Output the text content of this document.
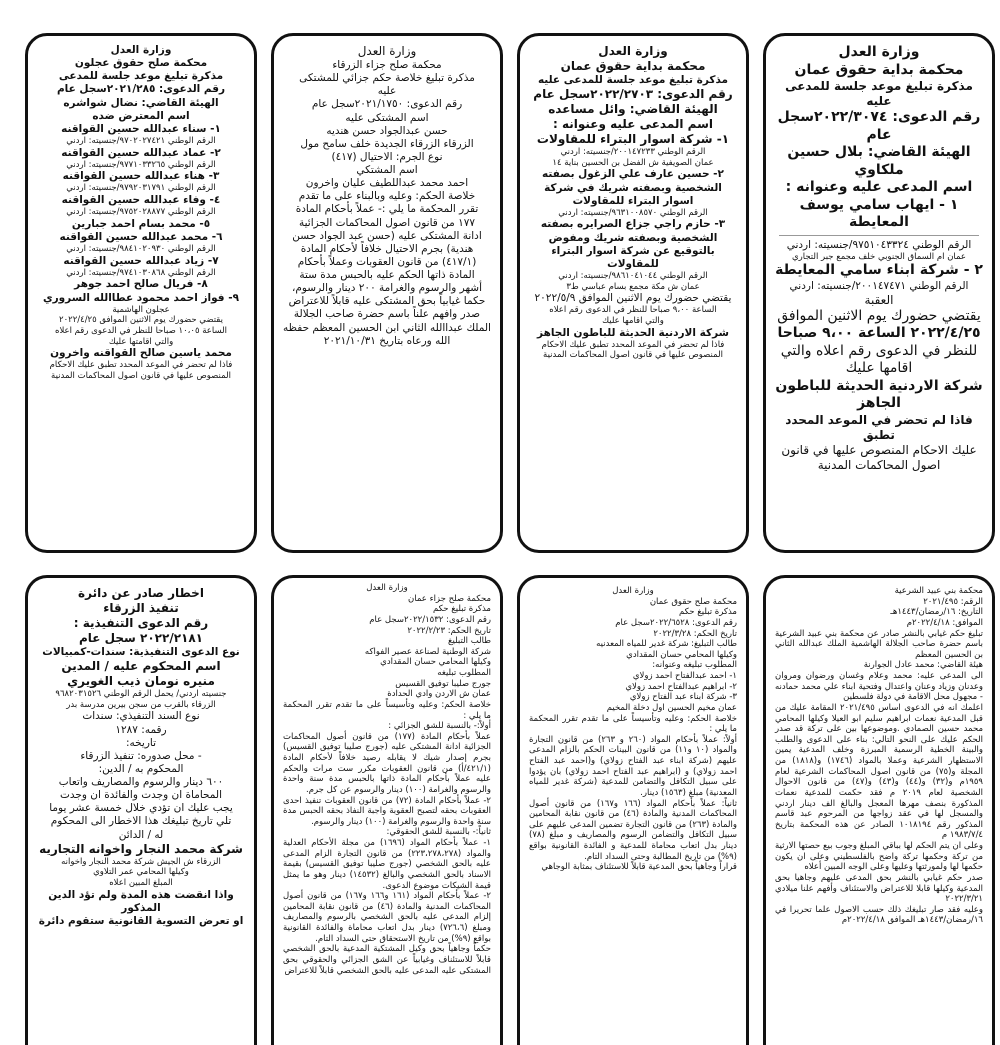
وزارة العدل
محكمة بداية حقوق عمان
مذكرة تبليغ موعد جلسة للمدعى عليه
رقم الدعوى: ٢٠٢٢/٣٠٧٤سجل عام
الهيئة القاضي: بلال حسين ملكاوي
اسم المدعى عليه وعنوانه :
١ - ايهاب سامي يوسف المعايطة
الرقم الوطني ٩٧٥١٠٤٣٣٢٤/جنسيته: اردني
عمان ام السماق الجنوبي خلف مجمع جبر التجاري
٢ - شركة ابناء سامي المعايطة
الرقم الوطني ٢٠٠١٤٧٤٧١/جنسيته: اردني
العقبة
يقتضي حضورك يوم الاثنين الموافق
٢٠٢٢/٤/٢٥ الساعة ٩،٠٠ صباحا
للنظر في الدعوى رقم اعلاه والتي
اقامها عليك
شركة الاردنية الحديثة للباطون الجاهز
فاذا لم تحضر في الموعد المحدد تطبق
عليك الاحكام المنصوص عليها في قانون
اصول المحاكمات المدنية
وزارة العدل
محكمة بداية حقوق عمان
مذكرة تبليغ موعد جلسة للمدعى عليه
رقم الدعوى: ٢٠٢٢/٢٧٠٣سجل عام
الهيئة القاضي: وائل مساعده
اسم المدعى عليه وعنوانه :
١- شركة اسوار البتراء للمقاولات
الرقم الوطني ٢٠٠١٤٧٢٣٣/جنسيته: اردني
عمان الصويفية ش الفضل بن الحسين بناية ١٤
٢- حسين عارف علي الزغول بصفته الشخصية وبصفته شريك في شركة اسوار البتراء للمقاولات
الرقم الوطني ٩٦٣١٠٠٨٥٧٠/جنسيته: اردني
٣- حازم راجي جزاع الصرايره بصفته الشخصية وبصفته شريك ومفوض بالتوقيع عن شركة اسوار البتراء للمقاولات
الرقم الوطني ٩٨٦١٠٤١٠٤٤/جنسيته: اردني
عمان ش مكة مجمع بسام عباسي ط٣
يقتضي حضورك يوم الاثنين الموافق ٢٠٢٢/٥/٩
الساعة ٩،٠٠ صباحا للنظر في الدعوى رقم اعلاه
والتي اقامها عليك
شركة الاردنية الحديثة للباطون الجاهز
فاذا لم تحضر في الموعد المحدد تطبق عليك الاحكام
المنصوص عليها في قانون اصول المحاكمات المدنية
وزارة العدل
محكمة صلح جزاء الزرقاء
مذكرة تبليغ خلاصة حكم جزائي للمشتكى
عليه
رقم الدعوى: ٢٠٢١/١٧٥٠سجل عام
اسم المشتكى عليه
حسن عبدالجواد حسن هنديه
الزرقاء الزرقاء الجديدة خلف سامح مول
نوع الجرم: الاحتيال (٤١٧)
اسم المشتكي
احمد محمد عبداللطيف عليان واخرون
خلاصة الحكم: وعليه وبالبناء على ما تقدم
تقرر المحكمة ما يلي :- عملاً بأحكام المادة
١٧٧ من قانون اصول المحاكمات الجزائية
ادانة المشتكى عليه (حسن عبد الجواد حسن
هندية) بجرم الاحتيال خلافاً لأحكام المادة
(٤١٧/١) من قانون العقوبات وعملاً بأحكام
المادة ذاتها الحكم عليه بالحبس مدة ستة
أشهر والرسوم والغرامة ٢٠٠ دينار والرسوم،
حكما غيابياً بحق المشتكى عليه قابلاً للاعتراض
صدر وافهم علناً باسم حضرة صاحب الجلالة
الملك عبداالله الثاني ابن الحسين المعظم حفظه
الله ورعاه بتاريخ ٢٠٢١/١٠/٣١
وزارة العدل
محكمة صلح حقوق عجلون
مذكرة تبليغ موعد جلسة للمدعى
رقم الدعوى: ٢٠٢١/٢٨٥سجل عام
الهيئة القاضي: نضال شواشره
اسم المعترض ضده
١- سناء عبدالله حسين القواقنه
الرقم الوطني ٩٧٠٢٠٢٧٤٢١/جنسيته: اردني
٢- عماد عبدالله حسين القواقنه
الرقم الوطني ٩٧٧١٠٣٣٢٦٥/جنسيته: اردني
٣- هناء عبدالله حسين القواقنه
الرقم الوطني ٩٧٩٢٠٣١٧٩١/جنسيته: اردني
٤- وفاء عبدالله حسين القواقنه
الرقم الوطني ٩٧٥٢٠٢٨٨٧٧/جنسيته: اردني
٥- محمد بسام احمد جبارين
٦- محمد عبدالله حسين القواقنه
الرقم الوطني ٩٨٤١٠٢٠٩٣٠/جنسيته: اردني
٧- زياد عبدالله حسين القواقنه
الرقم الوطني ٩٧٤١٠٣٠٨٦٨/جنسيته: اردني
٨- فريال صالح احمد جوهر
٩- فواز احمد محمود عطاالله السروري
عجلون الهاشمية
يقتضي حضورك يوم الاثنين الموافق ٢٠٢٢/٤/٢٥
الساعة ١٠،٠٥ صباحا للنظر في الدعوى رقم اعلاه
والتي اقامتها عليك
محمد ياسين صالح القواقنه واخرون
فاذا لم تحضر في الموعد المحدد تطبق عليك الاحكام
المنصوص عليها في قانون اصول المحاكمات المدنية
محكمة بني عبيد الشرعية
الرقم: ٢٠٢١/٤٩٥
التاريخ: ١٦/رمضان/١٤٤٣هـ
الموافق: ٢٠٢٢/٤/١٨م
تبليغ حكم غيابي بالنشر صادر عن محكمة بني عبيد الشرعية باسم حضرة صاحب الجلالة الهاشمية الملك عبدالله الثاني بن الحسين المعظم
هيئة القاضي: محمد عادل الجوارنة
الى المدعى عليه: محمد وعلام وغسان ورضوان ومروان وعدنان وزياد وعنان واعتدال وفتحية ابناء علي محمد حمادنه - مجهول محل الاقامة في دولة فلسطين
اعلمك انه في الدعوى اساس ٢٠٢١/٤٩٥ المقامة عليك من قبل المدعية نعمات ابراهيم سليم ابو العيلا وكيلها المحامي محمد حسين الصمادي .وموضوعها بين على تركة قد صدر الحكم عليك على النحو التالي: بناء على الدعوى والطلب والبينة الخطية الرسمية المبرزة وخلف المدعية يمين الاستظهار الشرعية وعملا بالمواد (١٧٤٦) و(١٨١٨) من المجلة و(٧٥) من قانون اصول المحاكمات الشرعية لعام ١٩٥٩م و(٣٢) و(٤٤) و(٤٣) و(٤٧) من قانون الاحوال الشخصية لعام ٢٠١٩ م فقد حكمت للمدعية نعمات المذكورة بنصف مهرها المعجل والبالغ الف دينار اردني والمسجل لها في عقد زواجها من المرحوم عبد قاسم المذكور رقم ١٠١٨١٩٤ الصادر عن هذه المحكمة بتاريخ ١٩٨٣/٧/٤ م
وعلى ان يتم الحكم لها بباقي المبلغ وجوب بيع حصتها الارثية من تركة وحكمها تركة واضح بالفلسطيني وعلى ان يكون حكمها لها ولمورثتها وعليها وعلى الوجه المبين أعلاه
صدر حكم غيابي بالنشر بحق المدعى عليهم وجاهيا بحق المدعية وكيلها قابلا للاعتراض والاستئناف وأفهم علنا ميلادي ٢٠٢٢/٣/٢١
وعليه فقد صار تبليغك ذلك حسب الاصول علما تحريرا في ١٦/رمضان/١٤٤٣هـ الموافق ٢٠٢٢/٤/١٨م
وزارة العدل
محكمة صلح حقوق عمان
مذكرة تبليغ حكم
رقم الدعوى: ٢٠٢٢/٦٥٢٨سجل عام
تاريخ الحكم: ٢٠٢٢/٣/٢٨
طالب التبليغ: شركة غدير للمياه المعدنيه
وكيلها المحامي حسان المقدادي
المطلوب تبليغه وعنوانه:
١- احمد عبدالفتاح احمد زولاي
٢- ابراهيم عبدالفتاح احمد زولاي
٣- شركة ابناء عبد الفتاح زولاي
عمان مخيم الحسين اول دخلة المخيم
خلاصة الحكم: وعليه وتأسيساً على ما تقدم تقرر المحكمة ما يلي :
أولاً: عملاً بأحكام المواد (٢٦٠ و ٢٦٣) من قانون التجارة والمواد (١٠ و١١) من قانون البينات الحكم بالزام المدعى عليهم (شركة ابناء عبد الفتاح زولاي) و(احمد عبد الفتاح احمد زولاي) و (ابراهيم عبد الفتاح احمد زولاي) بان يؤدوا على سبيل التكافل والتضامن للمدعية (شركة غدير للمياه المعدنية) مبلغ (١٥٦٣) دينار.
ثانياً: عملاً بأحكام المواد (١٦٦ و١٦٧) من قانون أصول المحاكمات المدنية والمادة (٤٦) من قانون نقابة المحامين والمادة (٢٦٣) من قانون التجارة تضمين المدعى عليهم على سبيل التكافل والتضامن الرسوم والمصاريف و مبلغ (٧٨) دينار بدل اتعاب محاماة للمدعية و الفائدة القانونية بواقع (٩%) من تاريخ المطالبة وحتى السداد التام.
قراراً وجاهياً بحق المدعية قابلاً للاستئناف بمثابة الوجاهي
وزارة العدل
محكمة صلح جزاء عمان
مذكرة تبليغ حكم
رقم الدعوى: ٢٠٢٢/١٥٣٢سجل عام
تاريخ الحكم: ٢٠٢٢/٢/٢٣
طالب التبليغ
شركة الوطنية لصناعة عصير الفواكه
وكيلها المحامي حسان المقدادي
المطلوب تبليغه
جورج صليبا توفيق القسيس
عمان ش الاردن وادي الحدادة
خلاصة الحكم: وعليه وتأسيساً على ما تقدم تقرر المحكمة ما يلي :
أولاً:- بالنسبة للشق الجزائي :
عملاً بأحكام المادة (١٧٧) من قانون أصول المحاكمات الجزائية ادانة المشتكى عليه (جورج صليبا توفيق القسيس) بجرم إصدار شيك لا يقابله رصيد خلافاً لأحكام المادة (٤٢١/١/أ) من قانون العقوبات مكرر ست مرات والحكم عليه عملاً بأحكام المادة ذاتها بالحبس مدة سنة واحدة والرسوم والغرامة (١٠٠) دينار والرسوم عن كل جرم.
٢- عملاً بأحكام المادة (٧٢) من قانون العقوبات تنفيذ احدى العقوبات بحقه لتصبح العقوبة واجبة النفاذ بحقه الحبس مدة سنة واحدة والرسوم والغرامة (١٠٠) دينار والرسوم.
ثانياً:- بالنسبة للشق الحقوقي:
١- عملاً بأحكام المواد (١٦٩٦) من مجلة الأحكام العدلية والمواد (٢٢٣،٢٧٨،٢٧٨) من قانون التجارة الزام المدعى عليه بالحق الشخصي (جورج صليبا توفيق القسيس) بقيمة الاسناد بالحق الشخصي والبالغ (١٤٥٣٢) دينار وهو ما يمثل قيمة الشيكات موضوع الدعوى.
٢- عملاً بأحكام المواد (١٦١ و١٦٦ و١٦٧) من قانون أصول المحاكمات المدنية والمادة (٤٦) من قانون نقابة المحامين إلزام المدعى عليه بالحق الشخصي بالرسوم والمصاريف ومبلغ (٧٢٦،٦) دينار بدل اتعاب محاماة والفائدة القانونية بواقع (٩%) من تاريخ الاستحقاق حتى السداد التام.
حكماً وجاهياً بحق وكيل المشتكية المدعية بالحق الشخصي قابلاً للاستئناف وغيابياً عن الشق الجزائي والحقوقي بحق المشتكى عليه المدعى عليه بالحق الشخصي قابلاً للاعتراض
اخطار صادر عن دائرة
تنفيذ الزرقاء
رقم الدعوى التنفيذية :
٢٠٢٢/٢١٨١ سجل عام
نوع الدعوى التنفيذية: سندات-كمبيالات
اسم المحكوم عليه / المدين
منيره نومان ذيب الغويري
جنسيته اردني/ يحمل الرقم الوطني ٩٦٨٢٠٣١٥٢٦
الزرقاء بالقرب من سجن بيرين مدرسة بدر
نوع السند التنفيذي: سندات
رقمه: ١٢٨٧
تاريخه:
- محل صدوره: تنفيذ الزرقاء
المحكوم به / الدين:
٦٠٠ دينار والرسوم والمصاريف واتعاب
المحاماة ان وجدت والفائدة ان وجدت
يجب عليك ان تؤدي خلال خمسة عشر يوما
تلي تاريخ تبليغك هذا الاخطار الى المحكوم
له / الدائن
شركة محمد النجار واخوانه التجاريه
الزرقاء ش الجيش شركة محمد النجار واخوانه
وكيلها المحامي عمر التلاوي
المبلغ المبين اعلاه
واذا انقضت هذه المدة ولم تؤد الدين المذكور
او تعرض التسوية القانونية ستقوم دائرة
